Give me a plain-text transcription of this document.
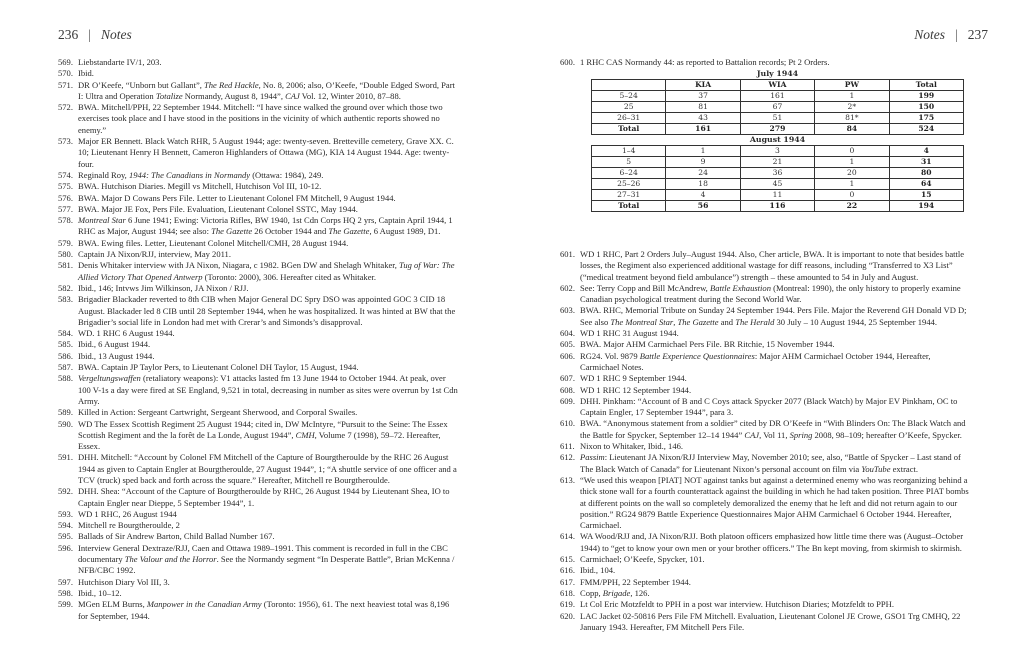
236 | Notes
569. Liebstandarte IV/1, 203.
570. Ibid.
571. DR O’Keefe, “Unborn but Gallant”, The Red Hackle, No. 8, 2006; also, O’Keefe, “Double Edged Sword, Part I: Ultra and Operation Totalize Normandy, August 8, 1944”, CAJ Vol. 12, Winter 2010, 87–88.
572. BWA. Mitchell/PPH, 22 September 1944. Mitchell: “I have since walked the ground over which those two exercises took place and I have stood in the positions in the vicinity of which authentic reports showed no enemy.”
573. Major ER Bennett. Black Watch RHR, 5 August 1944; age: twenty-seven. Bretteville cemetery, Grave XX. C. 10; Lieutenant Henry H Bennett, Cameron Highlanders of Ottawa (MG), KIA 14 August 1944. Age: twenty-four.
574. Reginald Roy, 1944: The Canadians in Normandy (Ottawa: 1984), 249.
575. BWA. Hutchison Diaries. Megill vs Mitchell, Hutchison Vol III, 10-12.
576. BWA. Major D Cowans Pers File. Letter to Lieutenant Colonel FM Mitchell, 9 August 1944.
577. BWA. Major JE Fox, Pers File. Evaluation, Lieutenant Colonel SSTC, May 1944.
578. Montreal Star 6 June 1941; Ewing: Victoria Rifles, BW 1940, 1st Cdn Corps HQ 2 yrs, Captain April 1944, 1 RHC as Major, August 1944; see also: The Gazette 26 October 1944 and The Gazette, 6 August 1989, D1.
579. BWA. Ewing files. Letter, Lieutenant Colonel Mitchell/CMH, 28 August 1944.
580. Captain JA Nixon/RJJ, interview, May 2011.
581. Denis Whitaker interview with JA Nixon, Niagara, c 1982. BGen DW and Shelagh Whitaker, Tug of War: The Allied Victory That Opened Antwerp (Toronto: 2000), 306. Hereafter cited as Whitaker.
582. Ibid., 146; Intvws Jim Wilkinson, JA Nixon / RJJ.
583. Brigadier Blackader reverted to 8th CIB when Major General DC Spry DSO was appointed GOC 3 CID 18 August. Blackader led 8 CIB until 28 September 1944, when he was hospitalized. It was hinted at BW that the Brigadier’s social life in London had met with Crerar’s and Simonds’s disapproval.
584. WD. 1 RHC 6 August 1944.
585. Ibid., 6 August 1944.
586. Ibid., 13 August 1944.
587. BWA. Captain JP Taylor Pers, to Lieutenant Colonel DH Taylor, 15 August, 1944.
588. Vergeltungswaffen (retaliatory weapons): V1 attacks lasted fm 13 June 1944 to October 1944. At peak, over 100 V-1s a day were fired at SE England, 9,521 in total, decreasing in number as sites were overrun by 1st Cdn Army.
589. Killed in Action: Sergeant Cartwright, Sergeant Sherwood, and Corporal Swailes.
590. WD The Essex Scottish Regiment 25 August 1944; cited in, DW McIntyre, “Pursuit to the Seine: The Essex Scottish Regiment and the la forêt de La Londe, August 1944”, CMH, Volume 7 (1998), 59–72. Hereafter, Essex.
591. DHH. Mitchell: “Account by Colonel FM Mitchell of the Capture of Bourgtheroulde by the RHC 26 August 1944 as given to Captain Engler at Bourgtheroulde, 27 August 1944”, 1; “A shuttle service of one officer and a TCV (truck) sped back and forth across the square.” Hereafter, Mitchell re Bourgtheroulde.
592. DHH. Shea: “Account of the Capture of Bourgtheroulde by RHC, 26 August 1944 by Lieutenant Shea, IO to Captain Engler near Dieppe, 5 September 1944”, 1.
593. WD 1 RHC, 26 August 1944
594. Mitchell re Bourgtheroulde, 2
595. Ballads of Sir Andrew Barton, Child Ballad Number 167.
596. Interview General Dextraze/RJJ, Caen and Ottawa 1989–1991. This comment is recorded in full in the CBC documentary The Valour and the Horror. See the Normandy segment “In Desperate Battle”, Brian McKenna / NFB/CBC 1992.
597. Hutchison Diary Vol III, 3.
598. Ibid., 10–12.
599. MGen ELM Burns, Manpower in the Canadian Army (Toronto: 1956), 61. The next heaviest total was 8,196 for September, 1944.
Notes | 237
600. 1 RHC CAS Normandy 44: as reported to Battalion records; Pt 2 Orders.
July 1944
	KIA	WIA	PW	Total
5–24	37	161	1	199
25	81	67	2*	150
26–31	43	51	81*	175
Total	161	279	84	524
August 1944
1–4	1	3	0	4
5	9	21	1	31
6–24	24	36	20	80
25–26	18	45	1	64
27–31	4	11	0	15
Total	56	116	22	194
601. WD 1 RHC, Part 2 Orders July–August 1944. Also, Cher article, BWA. It is important to note that besides battle losses, the Regiment also experienced additional wastage for diff reasons, including “Transferred to X3 List” (“medical treatment beyond field ambulance”) strength – these amounted to 54 in July and August.
602. See: Terry Copp and Bill McAndrew, Battle Exhaustion (Montreal: 1990), the only history to properly examine Canadian psychological treatment during the Second World War.
603. BWA. RHC, Memorial Tribute on Sunday 24 September 1944. Pers File. Major the Reverend GH Donald VD D; See also The Montreal Star, The Gazette and The Herald 30 July – 10 August 1944, 25 September 1944.
604. WD 1 RHC 31 August 1944.
605. BWA. Major AHM Carmichael Pers File. BR Ritchie, 15 November 1944.
606. RG24. Vol. 9879 Battle Experience Questionnaires: Major AHM Carmichael October 1944, Hereafter, Carmichael Notes.
607. WD 1 RHC 9 September 1944.
608. WD 1 RHC 12 September 1944.
609. DHH. Pinkham: “Account of B and C Coys attack Spycker 2077 (Black Watch) by Major EV Pinkham, OC to Captain Engler, 17 September 1944”, para 3.
610. BWA. “Anonymous statement from a soldier” cited by DR O’Keefe in “With Blinders On: The Black Watch and the Battle for Spycker, September 12–14 1944” CAJ, Vol 11, Spring 2008, 98–109; hereafter O’Keefe, Spycker.
611. Nixon to Whitaker, Ibid., 146.
612. Passim: Lieutenant JA Nixon/RJJ Interview May, November 2010; see, also, “Battle of Spycker – Last stand of The Black Watch of Canada” for Lieutenant Nixon’s personal account on film via YouTube extract.
613. “We used this weapon [PIAT] NOT against tanks but against a determined enemy who was reorganizing behind a thick stone wall for a fourth counterattack against the building in which he had taken position. Three PIAT bombs at different points on the wall so completely demoralized the enemy that he left and did not return again to our position.” RG24 9879 Battle Experience Questionnaires Major AHM Carmichael 6 October 1944. Hereafter, Carmichael.
614. WA Wood/RJJ and, JA Nixon/RJJ. Both platoon officers emphasized how little time there was (August–October 1944) to “get to know your own men or your brother officers.” The Bn kept moving, from skirmish to skirmish.
615. Carmichael; O’Keefe, Spycker, 101.
616. Ibid., 104.
617. FMM/PPH, 22 September 1944.
618. Copp, Brigade, 126.
619. Lt Col Eric Motzfeldt to PPH in a post war interview. Hutchison Diaries; Motzfeldt to PPH.
620. LAC Jacket 02-50816 Pers File FM Mitchell. Evaluation, Lieutenant Colonel JE Crowe, GSO1 Trg CMHQ, 22 January 1943. Hereafter, FM Mitchell Pers File.
